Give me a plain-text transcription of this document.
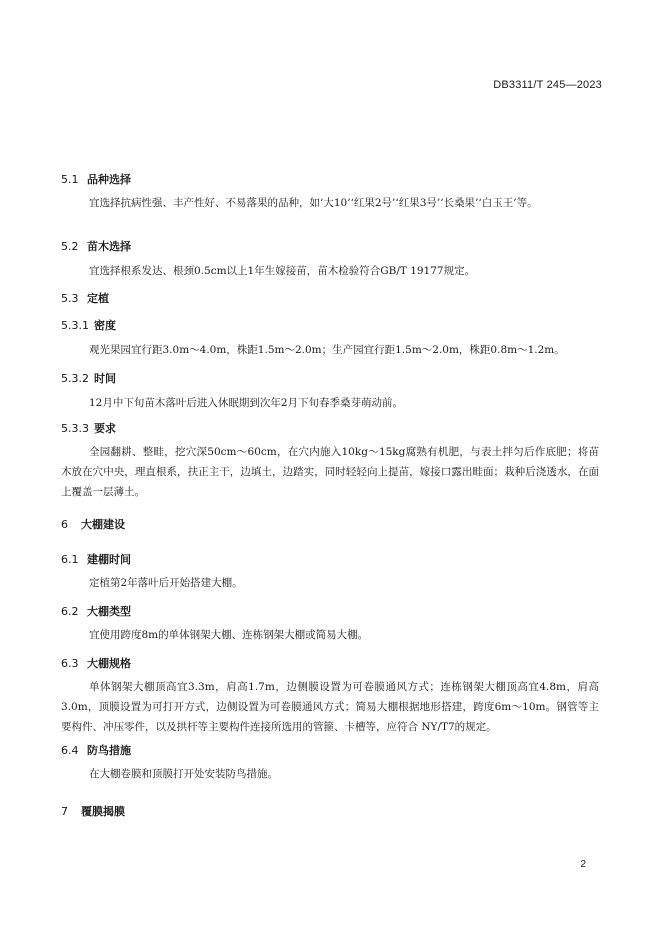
DB3311/T 245—2023
5.1 品种选择
宜选择抗病性强、丰产性好、不易落果的品种，如‘大10’‘红果2号’‘红果3号’‘长桑果’‘白玉王’等。
5.2 苗木选择
宜选择根系发达、根颈0.5cm以上1年生嫁接苗，苗木检验符合GB/T 19177规定。
5.3 定植
5.3.1 密度
观光果园宜行距3.0m～4.0m，株距1.5m～2.0m；生产园宜行距1.5m～2.0m，株距0.8m～1.2m。
5.3.2 时间
12月中下旬苗木落叶后进入休眠期到次年2月下旬春季桑芽萌动前。
5.3.3 要求
全园翻耕、整畦，挖穴深50cm～60cm，在穴内施入10kg～15kg腐熟有机肥，与表土拌匀后作底肥；将苗木放在穴中央，理直根系，扶正主干，边填土，边踏实，同时轻轻向上提苗，嫁接口露出畦面；栽种后浇透水，在面上覆盖一层薄土。
6 大棚建设
6.1 建棚时间
定植第2年落叶后开始搭建大棚。
6.2 大棚类型
宜使用跨度8m的单体钢架大棚、连栋钢架大棚或简易大棚。
6.3 大棚规格
单体钢架大棚顶高宜3.3m，肩高1.7m，边侧膜设置为可卷膜通风方式；连栋钢架大棚顶高宜4.8m，肩高3.0m，顶膜设置为可打开方式，边侧设置为可卷膜通风方式；简易大棚根据地形搭建，跨度6m～10m。钢管等主要构件、冲压零件，以及拱杆等主要构件连接所选用的管箍、卡槽等，应符合 NY/T7的规定。
6.4 防鸟措施
在大棚卷膜和顶膜打开处安装防鸟措施。
7 覆膜揭膜
2
